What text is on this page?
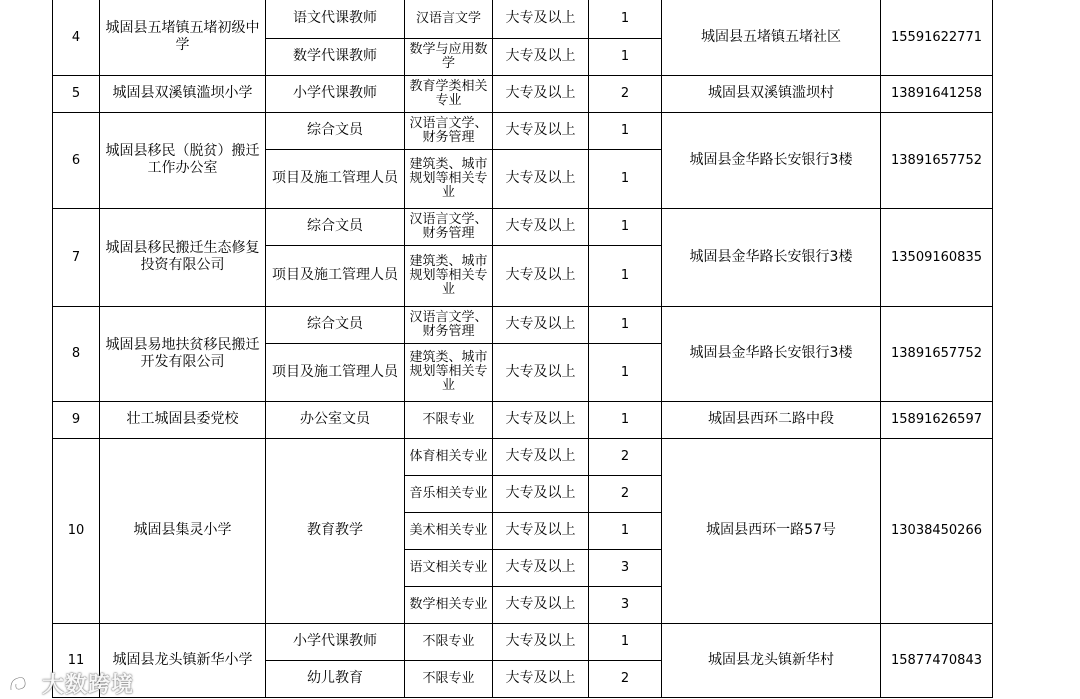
4	城固县五堵镇五堵初级中学	语文代课教师	汉语言文学	大专及以上	1	城固县五堵镇五堵社区	15591622771
		数学代课教师	数学与应用数学	大专及以上	1		
5	城固县双溪镇滥坝小学	小学代课教师	教育学类相关专业	大专及以上	2	城固县双溪镇滥坝村	13891641258
6	城固县移民（脱贫）搬迁工作办公室	综合文员	汉语言文学、财务管理	大专及以上	1	城固县金华路长安银行3楼	13891657752
		项目及施工管理人员	建筑类、城市规划等相关专业	大专及以上	1		
7	城固县移民搬迁生态修复投资有限公司	综合文员	汉语言文学、财务管理	大专及以上	1	城固县金华路长安银行3楼	13509160835
		项目及施工管理人员	建筑类、城市规划等相关专业	大专及以上	1		
8	城固县易地扶贫移民搬迁开发有限公司	综合文员	汉语言文学、财务管理	大专及以上	1	城固县金华路长安银行3楼	13891657752
		项目及施工管理人员	建筑类、城市规划等相关专业	大专及以上	1		
9	壮工城固县委党校	办公室文员	不限专业	大专及以上	1	城固县西环二路中段	15891626597
10	城固县集灵小学	教育教学	体育相关专业	大专及以上	2	城固县西环一路57号	13038450266
			音乐相关专业	大专及以上	2		
			美术相关专业	大专及以上	1		
			语文相关专业	大专及以上	3		
			数学相关专业	大专及以上	3		
11	城固县龙头镇新华小学	小学代课教师	不限专业	大专及以上	1	城固县龙头镇新华村	15877470843
		幼儿教育	不限专业	大专及以上	2		
大数跨境
